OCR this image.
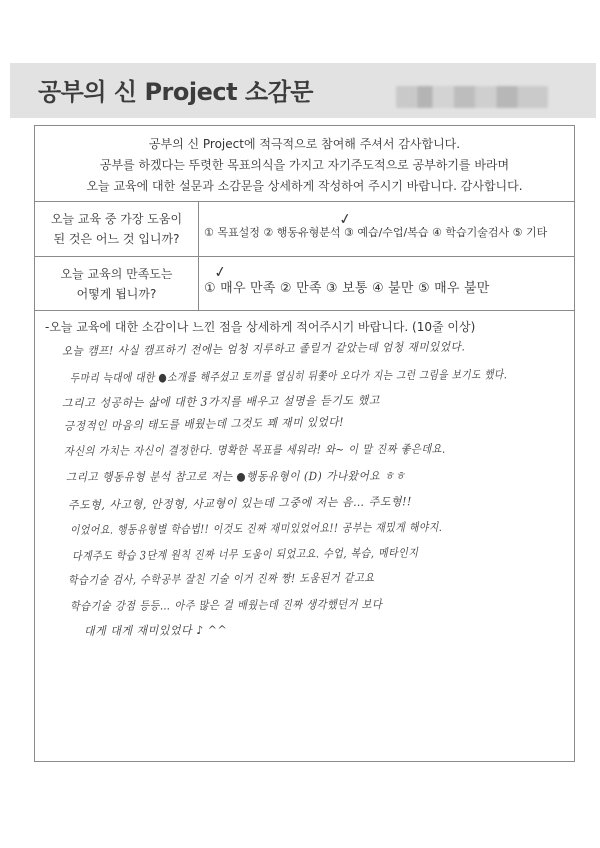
공부의 신 Project 소감문
공부의 신 Project에 적극적으로 참여해 주셔서 감사합니다.
공부를 하겠다는 뚜렷한 목표의식을 가지고 자기주도적으로 공부하기를 바라며
오늘 교육에 대한 설문과 소감문을 상세하게 작성하여 주시기 바랍니다. 감사합니다.
오늘 교육 중 가장 도움이
된 것은 어느 것 입니까?	① 목표설정 ② 행동유형분석 ③ 예습/수업/복습 ④ 학습기술검사 ⑤ 기타
✓
오늘 교육의 만족도는
어떻게 됩니까?	① 매우 만족 ② 만족 ③ 보통 ④ 불만 ⑤ 매우 불만
✓
-오늘 교육에 대한 소감이나 느낀 점을 상세하게 적어주시기 바랍니다. (10줄 이상)
오늘 캠프! 사실 캠프하기 전에는 엄청 지루하고 졸릴거 같았는데 엄청 재미있었다.
두마리 늑대에 대한 ●소개를 해주셨고 토끼를 열심히 뒤쫓아 오다가 지는 그런 그림을 보기도 했다.
그리고 성공하는 삶에 대한 3가지를 배우고 설명을 듣기도 했고
긍정적인 마음의 태도를 배웠는데 그것도 꽤 재미 있었다!
자신의 가치는 자신이 결정한다. 명확한 목표를 세워라! 와~ 이 말 진짜 좋은데요.
그리고 행동유형 분석 참고로 저는 ●행동유형이 (D) 가나왔어요 ㅎㅎ
주도형, 사고형, 안정형, 사교형이 있는데 그중에 저는 음… 주도형!!
이었어요. 행동유형별 학습법!! 이것도 진짜 재미있었어요!! 공부는 재밌게 해야지.
다계주도 학습 3단계 원칙 진짜 너무 도움이 되었고요. 수업, 복습, 메타인지
학습기술 검사, 수학공부 잘친 기술 이거 진짜 짱! 도움된거 같고요
학습기술 강점 등등… 아주 많은 걸 배웠는데 진짜 생각했던거 보다
대게 대게 재미있었다 ♪ ^^
